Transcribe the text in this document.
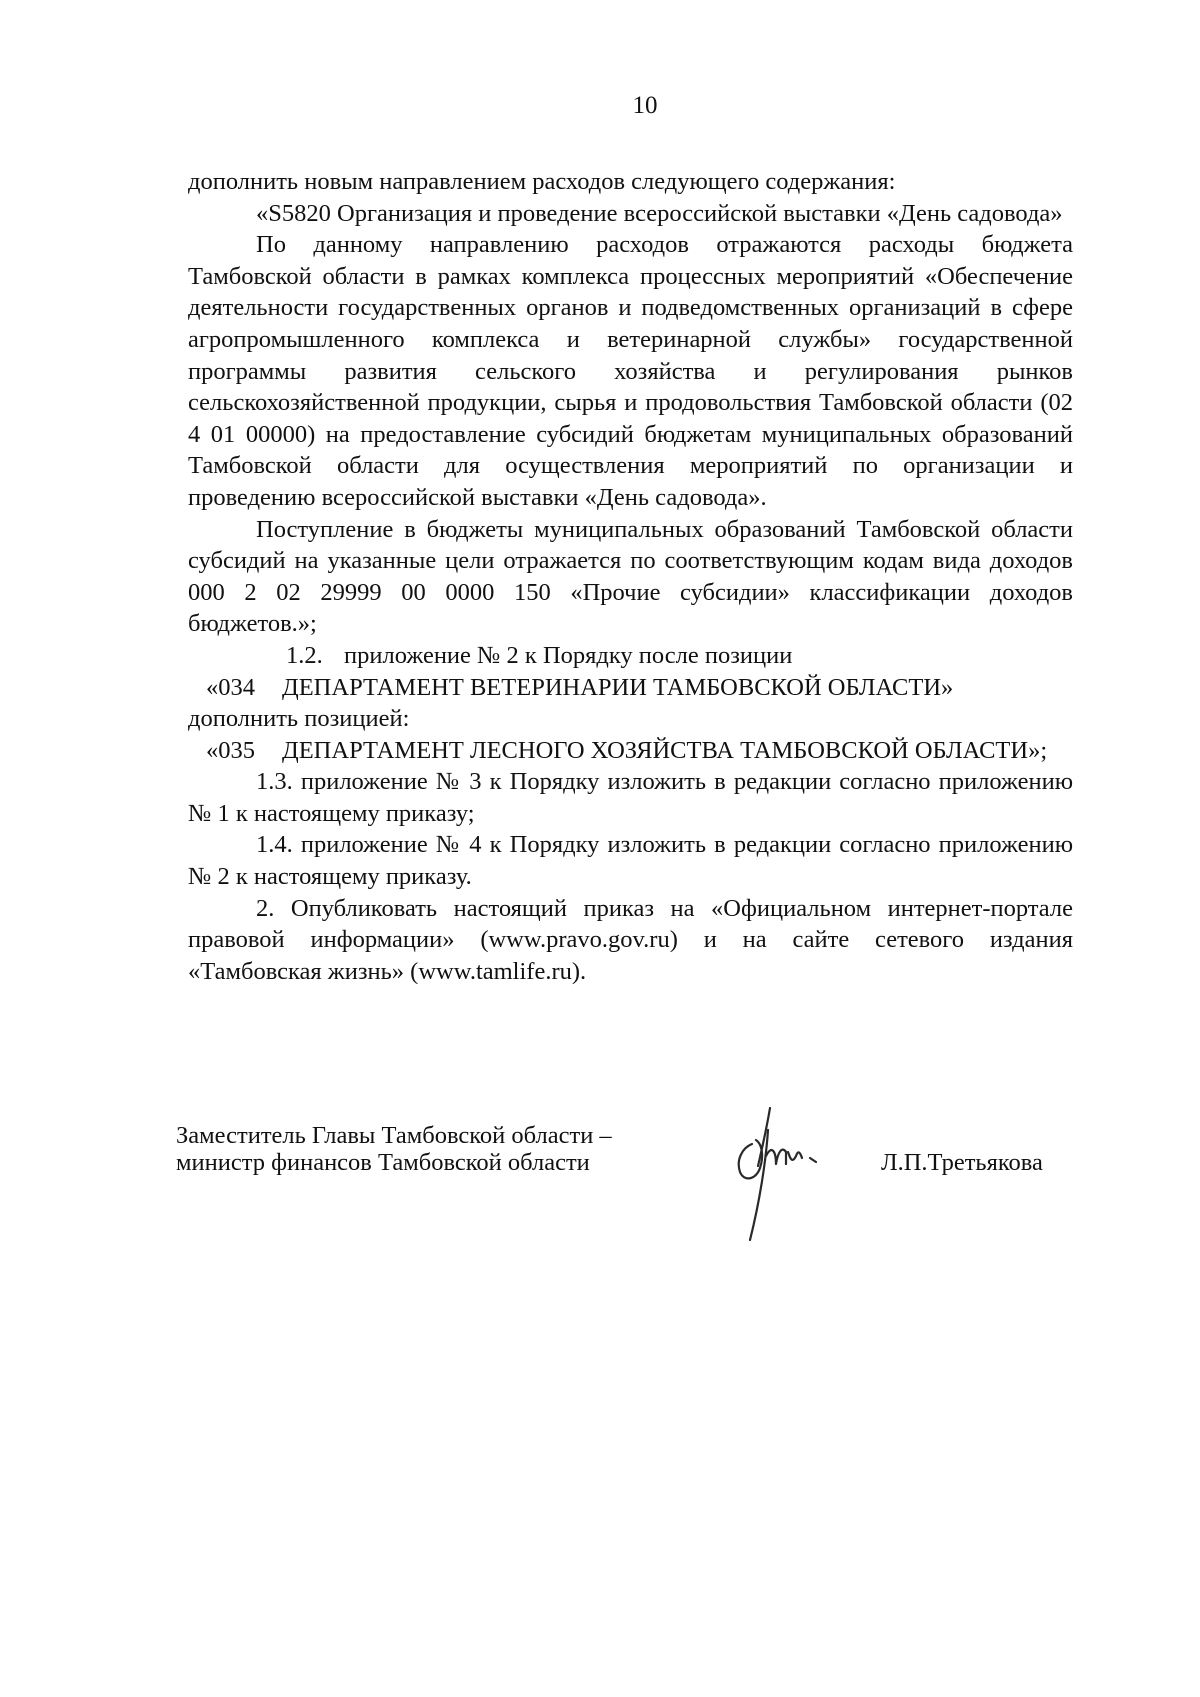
10

дополнить новым направлением расходов следующего содержания:

«S5820 Организация и проведение всероссийской выставки «День садовода»

По данному направлению расходов отражаются расходы бюджета Тамбовской области в рамках комплекса процессных мероприятий «Обеспечение деятельности государственных органов и подведомственных организаций в сфере агропромышленного комплекса и ветеринарной службы» государственной программы развития сельского хозяйства и регулирования рынков сельскохозяйственной продукции, сырья и продовольствия Тамбовской области (02 4 01 00000) на предоставление субсидий бюджетам муниципальных образований Тамбовской области для осуществления мероприятий по организации и проведению всероссийской выставки «День садовода».

Поступление в бюджеты муниципальных образований Тамбовской области субсидий на указанные цели отражается по соответствующим кодам вида доходов 000 2 02 29999 00 0000 150 «Прочие субсидии» классификации доходов бюджетов.»;

1.2. приложение № 2 к Порядку после позиции

«034 ДЕПАРТАМЕНТ ВЕТЕРИНАРИИ ТАМБОВСКОЙ ОБЛАСТИ»

дополнить позицией:

«035 ДЕПАРТАМЕНТ ЛЕСНОГО ХОЗЯЙСТВА ТАМБОВСКОЙ ОБЛАСТИ»;

1.3. приложение № 3 к Порядку изложить в редакции согласно приложению № 1 к настоящему приказу;

1.4. приложение № 4 к Порядку изложить в редакции согласно приложению № 2 к настоящему приказу.

2. Опубликовать настоящий приказ на «Официальном интернет-портале правовой информации» (www.pravo.gov.ru) и на сайте сетевого издания «Тамбовская жизнь» (www.tamlife.ru).

Заместитель Главы Тамбовской области –
министр финансов Тамбовской области	Л.П.Третьякова
